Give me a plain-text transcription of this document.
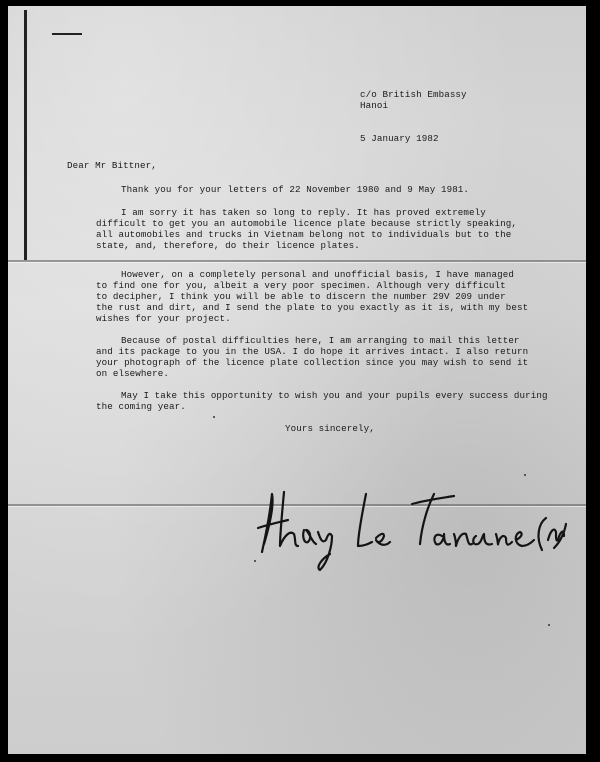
c/o British Embassy
Hanoi
5 January 1982
Dear Mr Bittner,
Thank you for your letters of 22 November 1980 and 9 May 1981.
I am sorry it has taken so long to reply. It has proved extremely
difficult to get you an automobile licence plate because strictly speaking,
all automobiles and trucks in Vietnam belong not to individuals but to the
state, and, therefore, do their licence plates.
However, on a completely personal and unofficial basis, I have managed
to find one for you, albeit a very poor specimen. Although very difficult
to decipher, I think you will be able to discern the number 29V 209 under
the rust and dirt, and I send the plate to you exactly as it is, with my best
wishes for your project.
Because of postal difficulties here, I am arranging to mail this letter
and its package to you in the USA. I do hope it arrives intact. I also return
your photograph of the licence plate collection since you may wish to send it
on elsewhere.
May I take this opportunity to wish you and your pupils every success during
the coming year.
Yours sincerely,
Hilary le Fanteme (Miss)
